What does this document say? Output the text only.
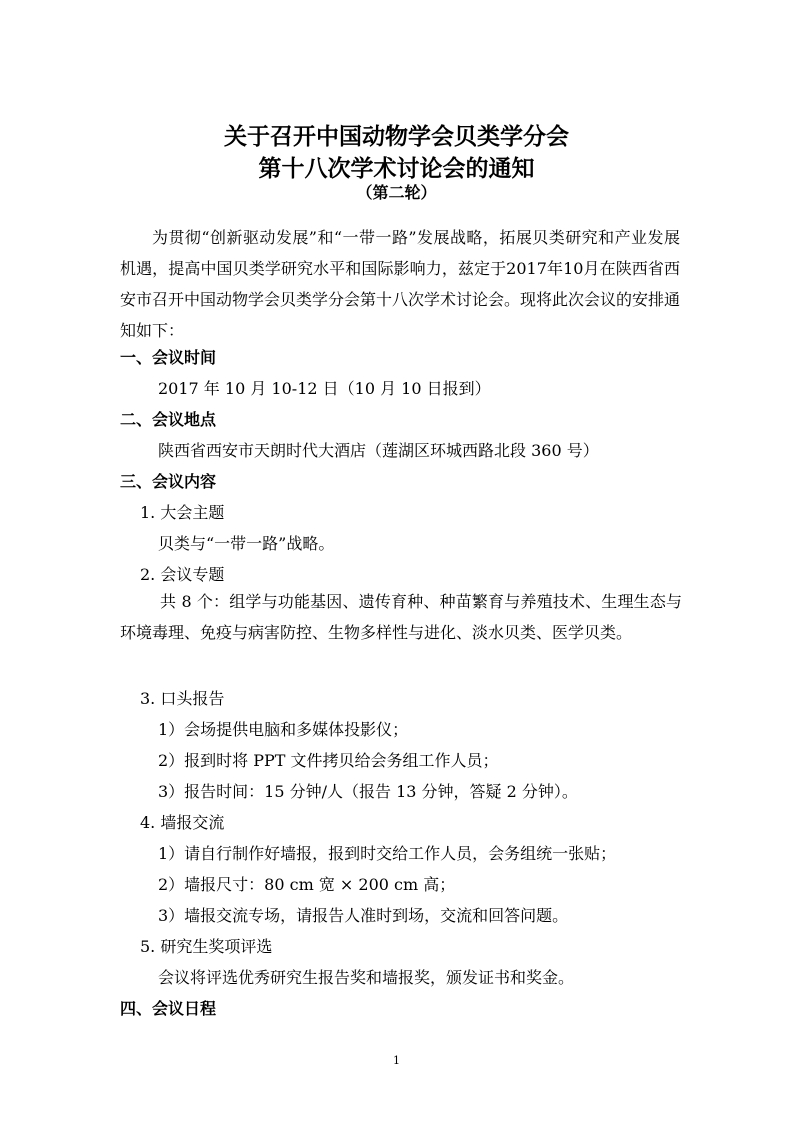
关于召开中国动物学会贝类学分会
第十八次学术讨论会的通知
（第二轮）

为贯彻“创新驱动发展”和“一带一路”发展战略，拓展贝类研究和产业发展机遇，提高中国贝类学研究水平和国际影响力，兹定于2017年10月在陕西省西安市召开中国动物学会贝类学分会第十八次学术讨论会。现将此次会议的安排通知如下：

一、会议时间
2017 年 10 月 10-12 日（10 月 10 日报到）
二、会议地点
陕西省西安市天朗时代大酒店（莲湖区环城西路北段 360 号）
三、会议内容
1. 大会主题
贝类与“一带一路”战略。
2. 会议专题

共 8 个：组学与功能基因、遗传育种、种苗繁育与养殖技术、生理生态与环境毒理、免疫与病害防控、生物多样性与进化、淡水贝类、医学贝类。

3. 口头报告
1）会场提供电脑和多媒体投影仪；
2）报到时将 PPT 文件拷贝给会务组工作人员；
3）报告时间：15 分钟/人（报告 13 分钟，答疑 2 分钟）。
4. 墙报交流
1）请自行制作好墙报，报到时交给工作人员，会务组统一张贴；
2）墙报尺寸：80 cm 宽 × 200 cm 高；
3）墙报交流专场，请报告人准时到场，交流和回答问题。
5. 研究生奖项评选
会议将评选优秀研究生报告奖和墙报奖，颁发证书和奖金。
四、会议日程
1
